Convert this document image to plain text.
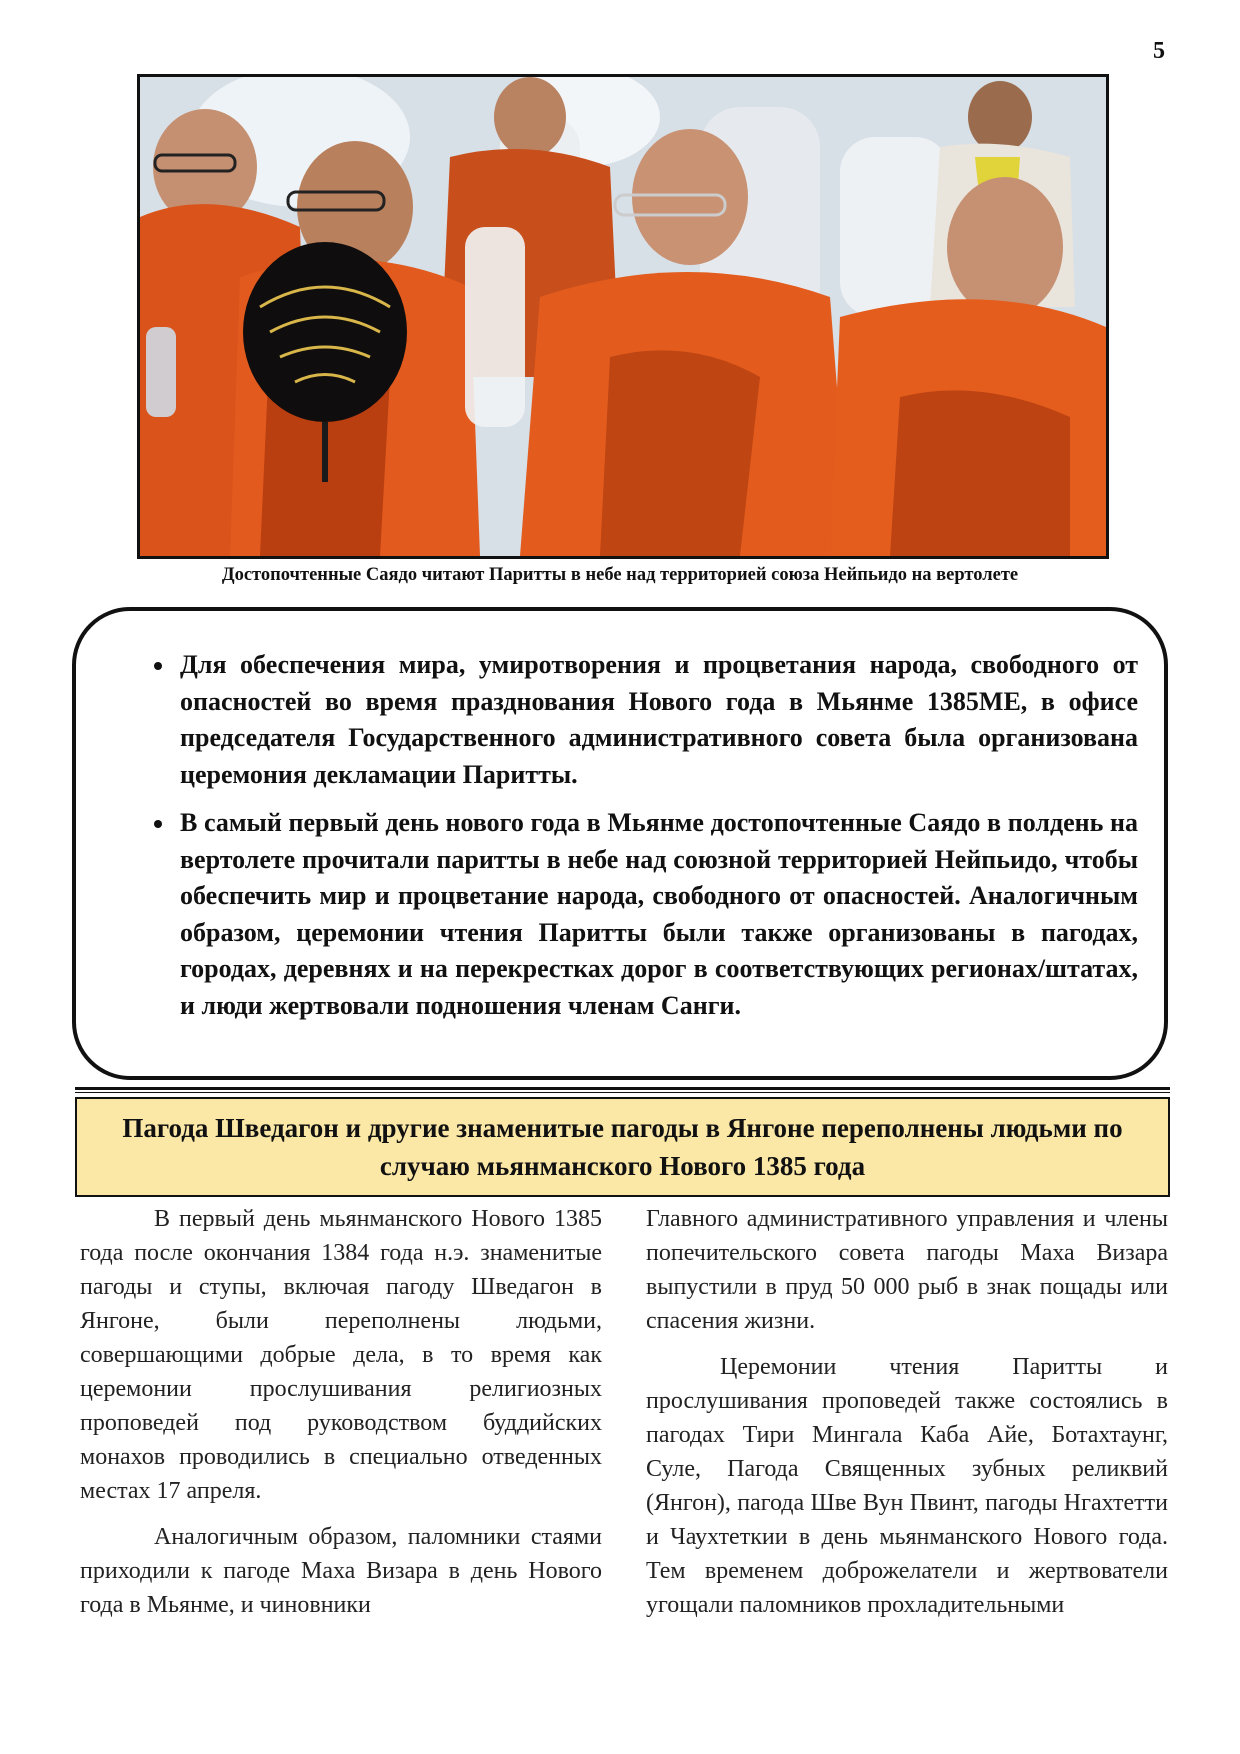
5
Достопочтенные Саядо читают Паритты в небе над территорией союза Нейпьидо на вертолете
• Для обеспечения мира, умиротворения и процветания народа, свободного от опасностей во время празднования Нового года в Мьянме 1385МЕ, в офисе председателя Государственного административного совета была организована церемония декламации Паритты.
• В самый первый день нового года в Мьянме достопочтенные Саядо в полдень на вертолете прочитали паритты в небе над союзной территорией Нейпьидо, чтобы обеспечить мир и процветание народа, свободного от опасностей. Аналогичным образом, церемонии чтения Паритты были также организованы в пагодах, городах, деревнях и на перекрестках дорог в соответствующих регионах/штатах, и люди жертвовали подношения членам Санги.
Пагода Шведагон и другие знаменитые пагоды в Янгоне переполнены людьми по случаю мьянманского Нового 1385 года

В первый день мьянманского Нового 1385 года после окончания 1384 года н.э. знаменитые пагоды и ступы, включая пагоду Шведагон в Янгоне, были переполнены людьми, совершающими добрые дела, в то время как церемонии прослушивания религиозных проповедей под руководством буддийских монахов проводились в специально отведенных местах 17 апреля.

Аналогичным образом, паломники стаями приходили к пагоде Маха Визара в день Нового года в Мьянме, и чиновники

Главного административного управления и члены попечительского совета пагоды Маха Визара выпустили в пруд 50 000 рыб в знак пощады или спасения жизни.

Церемонии чтения Паритты и прослушивания проповедей также состоялись в пагодах Тири Мингала Каба Айе, Ботахтаунг, Суле, Пагода Священных зубных реликвий (Янгон), пагода Шве Вун Пвинт, пагоды Нгахтетти и Чаухтеткии в день мьянманского Нового года. Тем временем доброжелатели и жертвователи угощали паломников прохладительными
